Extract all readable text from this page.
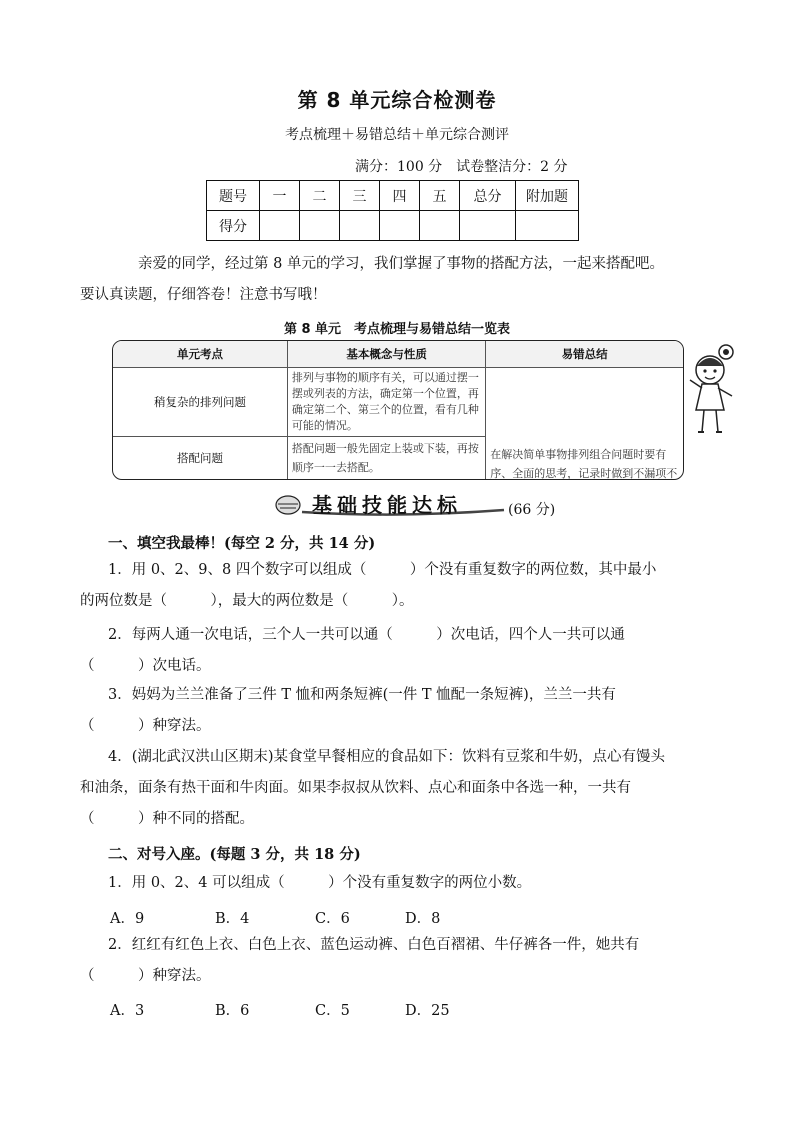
第 8 单元综合检测卷
考点梳理＋易错总结＋单元综合测评
满分：100 分　试卷整洁分：2 分
题号	一	二	三	四	五	总分	附加题
得分							

亲爱的同学，经过第 8 单元的学习，我们掌握了事物的搭配方法，一起来搭配吧。

要认真读题，仔细答卷！注意书写哦！

第 8 单元　考点梳理与易错总结一览表
单元考点	基本概念与性质	易错总结
稍复杂的排列问题	排列与事物的顺序有关，可以通过摆一摆或列表的方法，确定第一个位置，再确定第二个、第三个的位置，看有几种可能的情况。	在解决简单事物排列组合问题时要有序、全面的思考，记录时做到不漏项不
搭配问题	搭配问题一般先固定上装或下装，再按顺序一一去搭配。	

基础技能达标	(66 分)
一、填空我最棒！(每空 2 分，共 14 分)

1．用 0、2、9、8 四个数字可以组成（　　　）个没有重复数字的两位数，其中最小

的两位数是（　　　），最大的两位数是（　　　）。

2．每两人通一次电话，三个人一共可以通（　　　）次电话，四个人一共可以通

（　　　）次电话。

3．妈妈为兰兰准备了三件 T 恤和两条短裤(一件 T 恤配一条短裤)，兰兰一共有

（　　　）种穿法。

4．(湖北武汉洪山区期末)某食堂早餐相应的食品如下：饮料有豆浆和牛奶，点心有馒头

和油条，面条有热干面和牛肉面。如果李叔叔从饮料、点心和面条中各选一种，一共有

（　　　）种不同的搭配。

二、对号入座。(每题 3 分，共 18 分)

1．用 0、2、4 可以组成（　　　）个没有重复数字的两位小数。

A．9	B．4	C．6	D．8

2．红红有红色上衣、白色上衣、蓝色运动裤、白色百褶裙、牛仔裤各一件，她共有

（　　　）种穿法。

A．3	B．6	C．5	D．25
